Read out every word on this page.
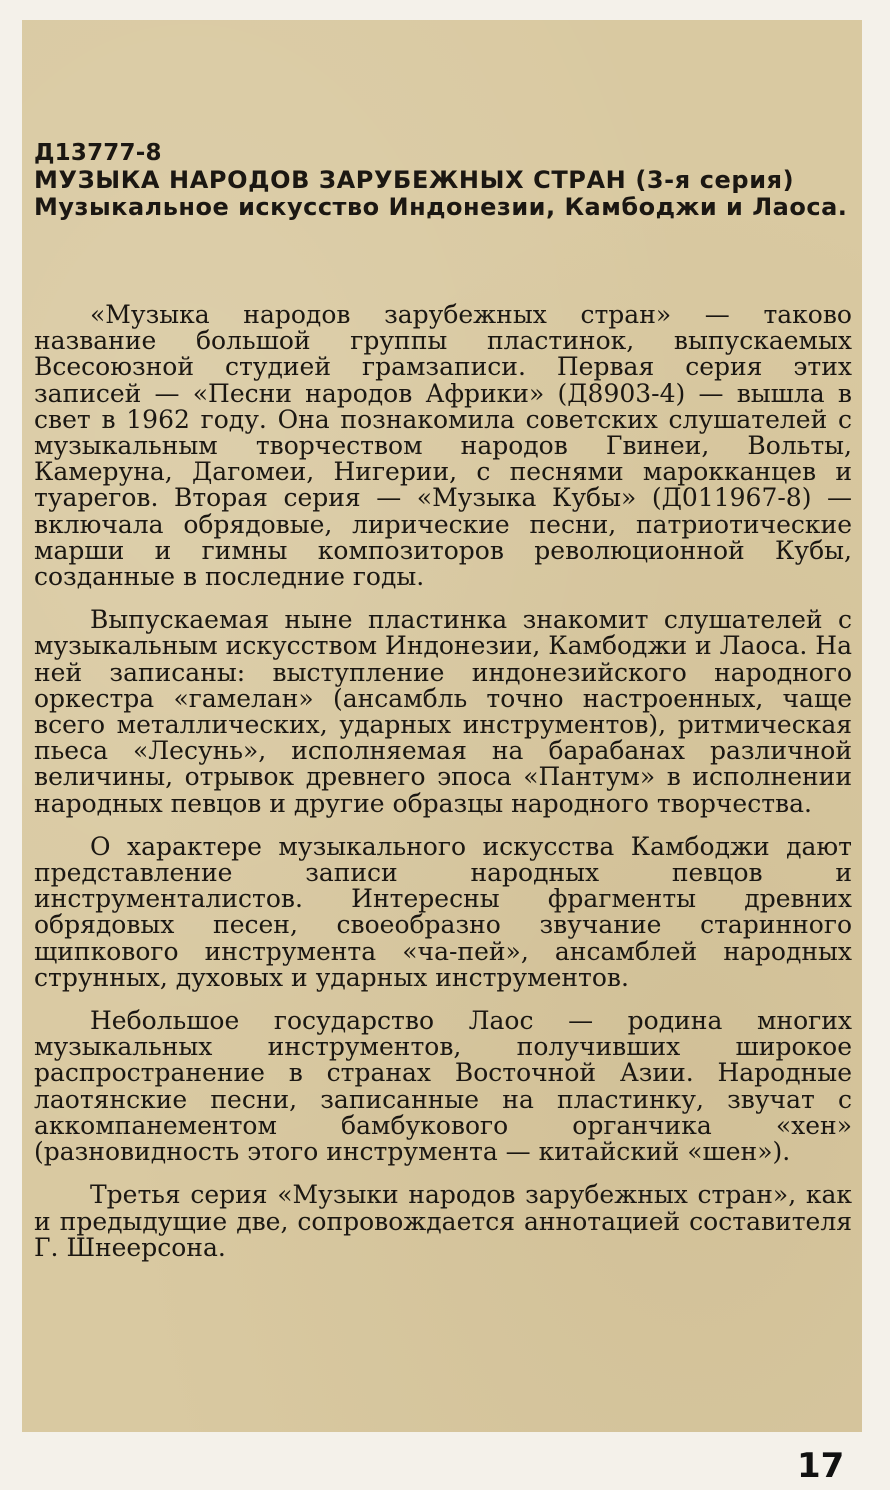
Д13777-8
МУЗЫКА НАРОДОВ ЗАРУБЕЖНЫХ СТРАН (3-я серия)
Музыкальное искусство Индонезии, Камбоджи и Лаоса.

«Музыка народов зарубежных стран» — таково название большой группы пластинок, выпускаемых Всесоюзной студией грамзаписи. Первая серия этих записей — «Песни народов Африки» (Д8903-4) — вышла в свет в 1962 году. Она познакомила советских слушателей с музыкальным творчеством народов Гвинеи, Вольты, Камеруна, Дагомеи, Нигерии, с песнями марокканцев и туарегов. Вторая серия — «Музыка Кубы» (Д011967-8) — включала обрядовые, лирические песни, патриотические марши и гимны композиторов революционной Кубы, созданные в последние годы.

Выпускаемая ныне пластинка знакомит слушателей с музыкальным искусством Индонезии, Камбоджи и Лаоса. На ней записаны: выступление индонезийского народного оркестра «гамелан» (ансамбль точно настроенных, чаще всего металлических, ударных инструментов), ритмическая пьеса «Лесунь», исполняемая на барабанах различной величины, отрывок древнего эпоса «Пантум» в исполнении народных певцов и другие образцы народного творчества.

О характере музыкального искусства Камбоджи дают представление записи народных певцов и инструменталистов. Интересны фрагменты древних обрядовых песен, своеобразно звучание старинного щипкового инструмента «ча-пей», ансамблей народных струнных, духовых и ударных инструментов.

Небольшое государство Лаос — родина многих музыкальных инструментов, получивших широкое распространение в странах Восточной Азии. Народные лаотянские песни, записанные на пластинку, звучат с аккомпанементом бамбукового органчика «хен» (разновидность этого инструмента — китайский «шен»).

Третья серия «Музыки народов зарубежных стран», как и предыдущие две, сопровождается аннотацией составителя Г. Шнеерсона.

17
